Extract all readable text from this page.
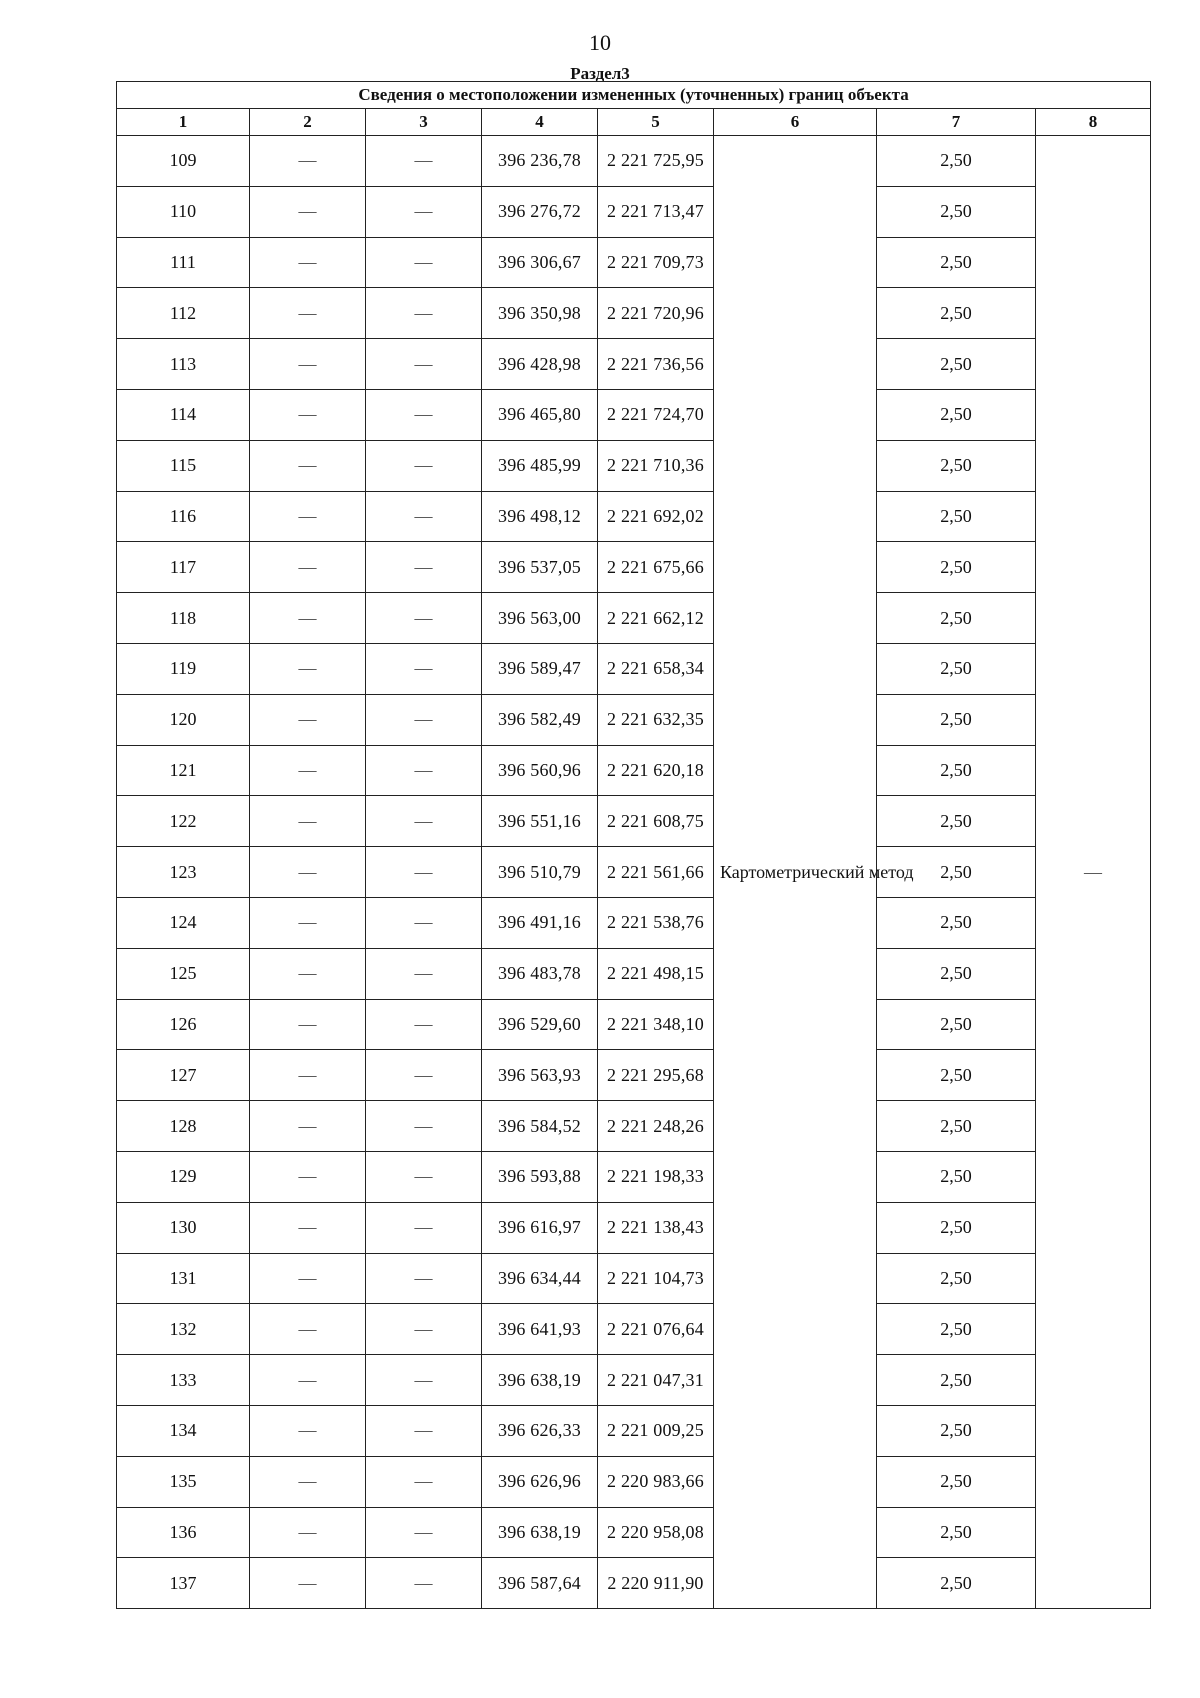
10
Раздел3
Сведения о местоположении измененных (уточненных) границ объекта							
1	2	3	4	5	6	7	8
109	—	—	396 236,78	2 221 725,95	Картометрический метод	2,50	—
110	—	—	396 276,72	2 221 713,47		2,50	
111	—	—	396 306,67	2 221 709,73		2,50	
112	—	—	396 350,98	2 221 720,96		2,50	
113	—	—	396 428,98	2 221 736,56		2,50	
114	—	—	396 465,80	2 221 724,70		2,50	
115	—	—	396 485,99	2 221 710,36		2,50	
116	—	—	396 498,12	2 221 692,02		2,50	
117	—	—	396 537,05	2 221 675,66		2,50	
118	—	—	396 563,00	2 221 662,12		2,50	
119	—	—	396 589,47	2 221 658,34		2,50	
120	—	—	396 582,49	2 221 632,35		2,50	
121	—	—	396 560,96	2 221 620,18		2,50	
122	—	—	396 551,16	2 221 608,75		2,50	
123	—	—	396 510,79	2 221 561,66		2,50	
124	—	—	396 491,16	2 221 538,76		2,50	
125	—	—	396 483,78	2 221 498,15		2,50	
126	—	—	396 529,60	2 221 348,10		2,50	
127	—	—	396 563,93	2 221 295,68		2,50	
128	—	—	396 584,52	2 221 248,26		2,50	
129	—	—	396 593,88	2 221 198,33		2,50	
130	—	—	396 616,97	2 221 138,43		2,50	
131	—	—	396 634,44	2 221 104,73		2,50	
132	—	—	396 641,93	2 221 076,64		2,50	
133	—	—	396 638,19	2 221 047,31		2,50	
134	—	—	396 626,33	2 221 009,25		2,50	
135	—	—	396 626,96	2 220 983,66		2,50	
136	—	—	396 638,19	2 220 958,08		2,50	
137	—	—	396 587,64	2 220 911,90		2,50	
